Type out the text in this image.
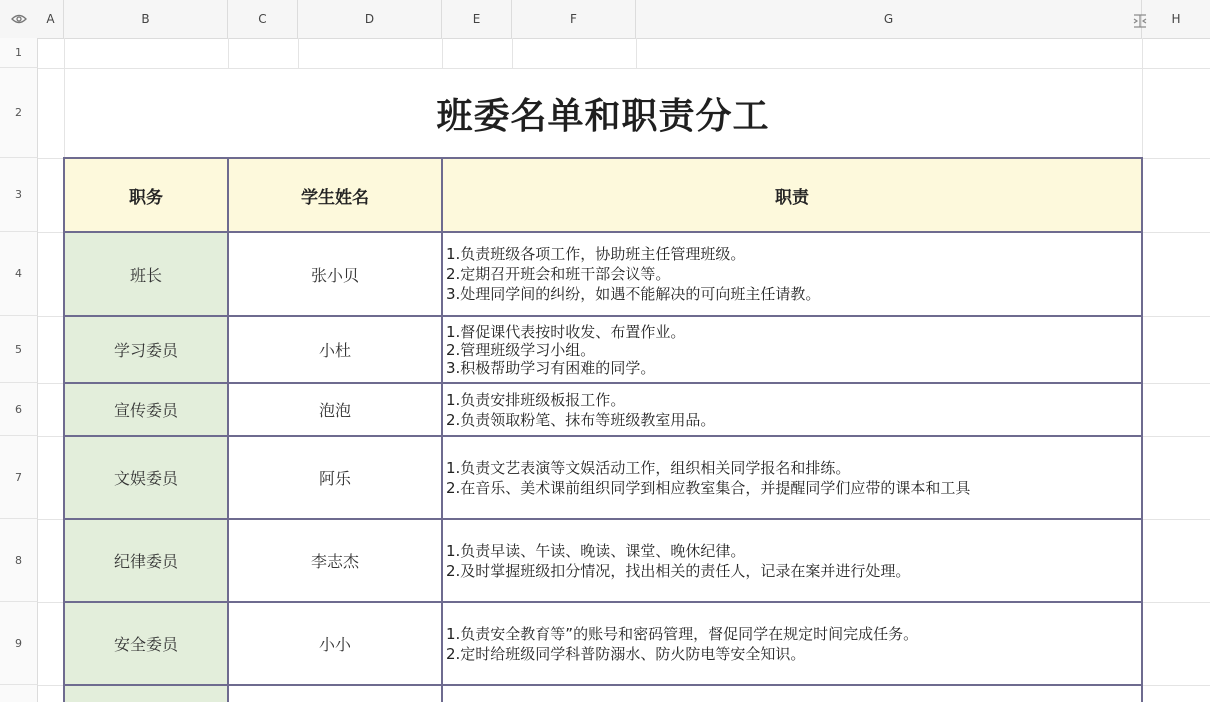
A	B	C	D	E	F	G	H
1
2
3
4
5
6
7
8
9
班委名单和职责分工
职务	学生姓名	职责
班长	张小贝
1.负责班级各项工作，协助班主任管理班级。
2.定期召开班会和班干部会议等。
3.处理同学间的纠纷，如遇不能解决的可向班主任请教。
学习委员	小杜
1.督促课代表按时收发、布置作业。
2.管理班级学习小组。
3.积极帮助学习有困难的同学。
宣传委员	泡泡
1.负责安排班级板报工作。
2.负责领取粉笔、抹布等班级教室用品。
文娱委员	阿乐
1.负责文艺表演等文娱活动工作，组织相关同学报名和排练。
2.在音乐、美术课前组织同学到相应教室集合，并提醒同学们应带的课本和工具
纪律委员	李志杰
1.负责早读、午读、晚读、课堂、晚休纪律。
2.及时掌握班级扣分情况，找出相关的责任人，记录在案并进行处理。
安全委员	小小
1.负责安全教育等”的账号和密码管理，督促同学在规定时间完成任务。
2.定时给班级同学科普防溺水、防火防电等安全知识。
